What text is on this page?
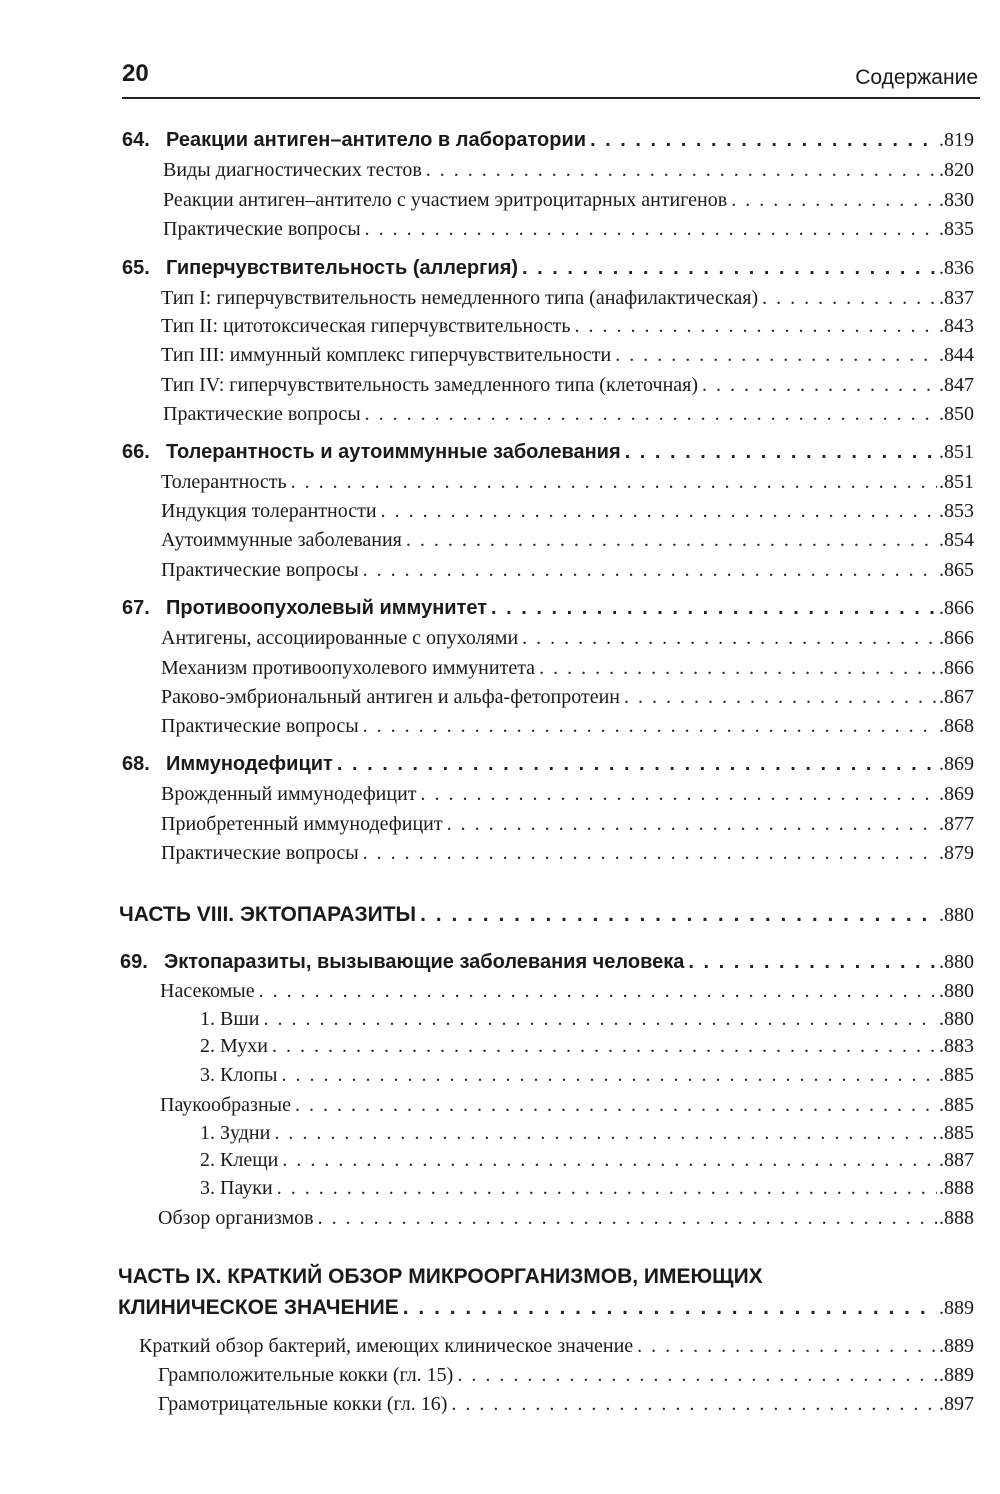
20	Содержание
64. Реакции антиген–антитело в лаборатории . . .	.819
Виды диагностических тестов . . .	.820
Реакции антиген–антитело с участием эритроцитарных антигенов . . .	.830
Практические вопросы . . .	.835
65. Гиперчувствительность (аллергия) . . .	.836
Тип I: гиперчувствительность немедленного типа (анафилактическая) . . .	.837
Тип II: цитотоксическая гиперчувствительность . . .	.843
Тип III: иммунный комплекс гиперчувствительности . . .	.844
Тип IV: гиперчувствительность замедленного типа (клеточная) . . .	.847
Практические вопросы . . .	.850
66. Толерантность и аутоиммунные заболевания . . .	.851
Толерантность . . .	.851
Индукция толерантности . . .	.853
Аутоиммунные заболевания . . .	.854
Практические вопросы . . .	.865
67. Противоопухолевый иммунитет . . .	.866
Антигены, ассоциированные с опухолями . . .	.866
Механизм противоопухолевого иммунитета . . .	.866
Раково-эмбриональный антиген и альфа-фетопротеин . . .	.867
Практические вопросы . . .	.868
68. Иммунодефицит . . .	.869
Врожденный иммунодефицит . . .	.869
Приобретенный иммунодефицит . . .	.877
Практические вопросы . . .	.879
ЧАСТЬ VIII. ЭКТОПАРАЗИТЫ . . .	.880
69. Эктопаразиты, вызывающие заболевания человека . . .	.880
Насекомые . . .	.880
1. Вши . . .	.880
2. Мухи . . .	.883
3. Клопы . . .	.885
Паукообразные . . .	.885
1. Зудни . . .	.885
2. Клещи . . .	.887
3. Пауки . . .	.888
Обзор организмов . . .	.888
ЧАСТЬ IX. КРАТКИЙ ОБЗОР МИКРООРГАНИЗМОВ, ИМЕЮЩИХ
КЛИНИЧЕСКОЕ ЗНАЧЕНИЕ . . .	.889
Краткий обзор бактерий, имеющих клиническое значение . . .	.889
Грамположительные кокки (гл. 15) . . .	.889
Грамотрицательные кокки (гл. 16) . . .	.897
